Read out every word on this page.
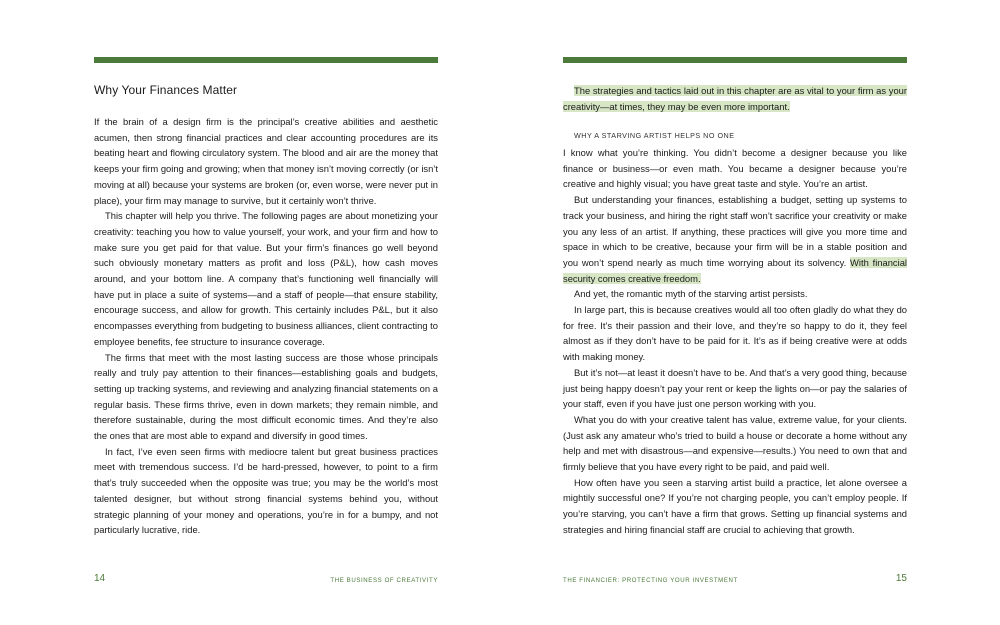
Why Your Finances Matter

If the brain of a design firm is the principal’s creative abilities and aesthetic acumen, then strong financial practices and clear accounting procedures are its beating heart and flowing circulatory system. The blood and air are the money that keeps your firm going and growing; when that money isn’t moving correctly (or isn’t moving at all) because your systems are broken (or, even worse, were never put in place), your firm may manage to survive, but it certainly won’t thrive.

This chapter will help you thrive. The following pages are about monetizing your creativity: teaching you how to value yourself, your work, and your firm and how to make sure you get paid for that value. But your firm’s finances go well beyond such obviously monetary matters as profit and loss (P&L), how cash moves around, and your bottom line. A company that’s functioning well financially will have put in place a suite of systems—and a staff of people—that ensure stability, encourage success, and allow for growth. This certainly includes P&L, but it also encompasses everything from budgeting to business alliances, client contracting to employee benefits, fee structure to insurance coverage.

The firms that meet with the most lasting success are those whose principals really and truly pay attention to their finances—establishing goals and budgets, setting up tracking systems, and reviewing and analyzing financial statements on a regular basis. These firms thrive, even in down markets; they remain nimble, and therefore sustainable, during the most difficult economic times. And they’re also the ones that are most able to expand and diversify in good times.

In fact, I’ve even seen firms with mediocre talent but great business practices meet with tremendous success. I’d be hard-pressed, however, to point to a firm that’s truly succeeded when the opposite was true; you may be the world’s most talented designer, but without strong financial systems behind you, without strategic planning of your money and operations, you’re in for a bumpy, and not particularly lucrative, ride.

14	THE BUSINESS OF CREATIVITY

The strategies and tactics laid out in this chapter are as vital to your firm as your creativity—at times, they may be even more important.

WHY A STARVING ARTIST HELPS NO ONE

I know what you’re thinking. You didn’t become a designer because you like finance or business—or even math. You became a designer because you’re creative and highly visual; you have great taste and style. You’re an artist.

But understanding your finances, establishing a budget, setting up systems to track your business, and hiring the right staff won’t sacrifice your creativity or make you any less of an artist. If anything, these practices will give you more time and space in which to be creative, because your firm will be in a stable position and you won’t spend nearly as much time worrying about its solvency. With financial security comes creative freedom.

And yet, the romantic myth of the starving artist persists.

In large part, this is because creatives would all too often gladly do what they do for free. It’s their passion and their love, and they’re so happy to do it, they feel almost as if they don’t have to be paid for it. It’s as if being creative were at odds with making money.

But it’s not—at least it doesn’t have to be. And that’s a very good thing, because just being happy doesn’t pay your rent or keep the lights on—or pay the salaries of your staff, even if you have just one person working with you.

What you do with your creative talent has value, extreme value, for your clients. (Just ask any amateur who’s tried to build a house or decorate a home without any help and met with disastrous—and expensive—results.) You need to own that and firmly believe that you have every right to be paid, and paid well.

How often have you seen a starving artist build a practice, let alone oversee a mightily successful one? If you’re not charging people, you can’t employ people. If you’re starving, you can’t have a firm that grows. Setting up financial systems and strategies and hiring financial staff are crucial to achieving that growth.

THE FINANCIER: PROTECTING YOUR INVESTMENT	15
